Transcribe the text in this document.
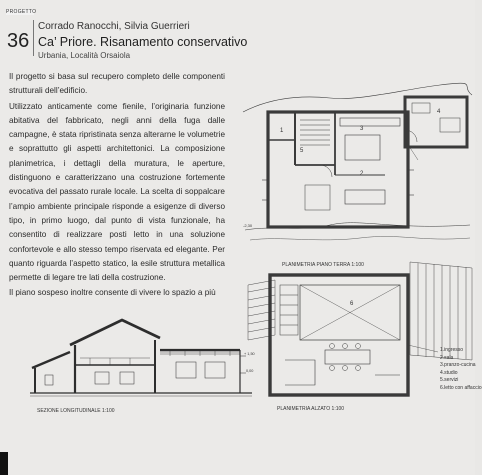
PROGETTO
36
Corrado Ranocchi, Silvia Guerrieri
Ca’ Priore. Risanamento conservativo
Urbania, Località Orsaiola

Il progetto si basa sul recupero completo delle componenti strutturali dell’edificio.

Utilizzato anticamente come fienile, l’originaria funzione abitativa del fabbricato, negli anni della fuga dalle campagne, è stata ripristinata senza alterarne le volumetrie e soprattutto gli aspetti architettonici. La composizione planimetrica, i dettagli della muratura, le aperture, distinguono e caratterizzano una costruzione fortemente evocativa del passato rurale locale. La scelta di soppalcare l’ampio ambiente principale risponde a esigenze di diverso tipo, in primo luogo, dal punto di vista funzionale, ha consentito di realizzare posti letto in una soluzione confortevole e allo stesso tempo riservata ed elegante. Per quanto riguarda l’aspetto statico, la esile struttura metallica permette di legare tre lati della costruzione.

Il piano sospeso inoltre consente di vivere lo spazio a più

1
2
3
4
5
-2,30
6
+ 1,50
0,00
PLANIMETRIA PIANO TERRA 1:100
PLANIMETRIA ALZATO 1:100
SEZIONE LONGITUDINALE 1:100
1.ingresso
2.sala
3.pranzo-cucina
4.studio
5.servizi
6.letto con affaccio
